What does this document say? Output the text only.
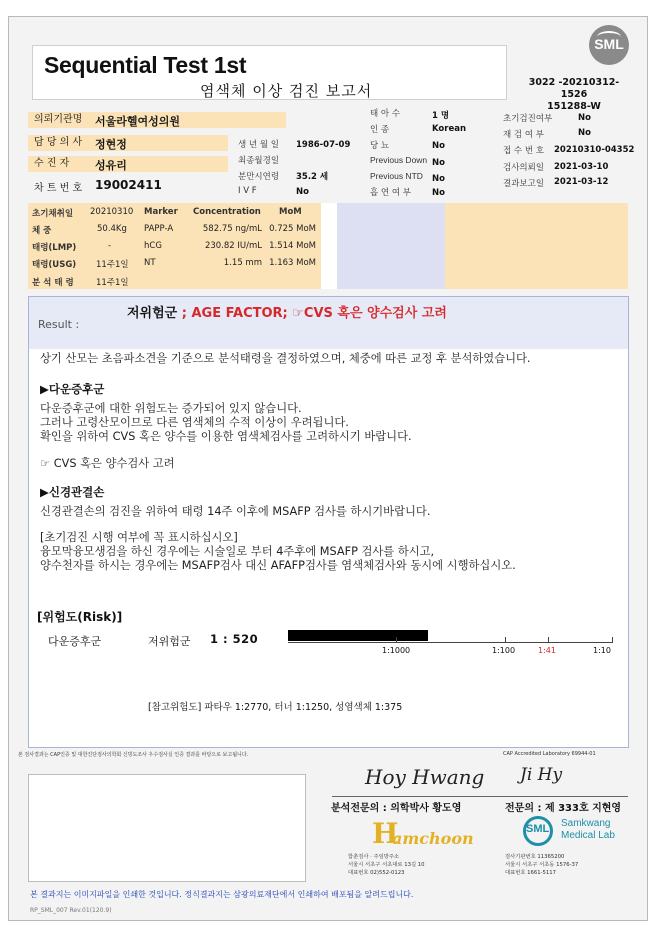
Sequential Test 1st
염색체 이상 검진 보고서	3022 -20210312-1526
151288-W
SML
의뢰기관명	서울라헬여성의원
담 당 의 사	정현정
수 진 자	성유리
차 트 번 호 19002411
생 년 월 일 1986-07-09
최종월경일
분만시연령 35.2 세
I V F	No
태 아 수	1 명
인 종	Korean
당 뇨	No
Previous Down No
Previous NTD No
흡 연 여 부 No
초기검진여부	No
재 검 여 부	No
접 수 번 호 20210310-04352
검사의뢰일 2021-03-10
결과보고일 2021-03-12
초기채취일 20210310
체 중	50.4Kg
태령(LMP)	-
태령(USG) 11주1일
분 석 태 령	11주1일
Marker Concentration MoM
PAPP-A	582.75 ng/mL 0.725 MoM
hCG	230.82 IU/mL 1.514 MoM
NT	1.15 mm 1.163 MoM
Result :
저위험군 ; AGE FACTOR; ☞CVS 혹은 양수검사 고려
상기 산모는 초음파소견을 기준으로 분석태령을 결정하였으며, 체중에 따른 교정 후 분석하였습니다.
▶다운증후군
다운증후군에 대한 위험도는 증가되어 있지 않습니다.
그러나 고령산모이므로 다른 염색체의 수적 이상이 우려됩니다.
확인을 위하여 CVS 혹은 양수를 이용한 염색체검사를 고려하시기 바랍니다.
☞ CVS 혹은 양수검사 고려
▶신경관결손
신경관결손의 검진을 위하여 태령 14주 이후에 MSAFP 검사를 하시기바랍니다.
[초기검진 시행 여부에 꼭 표시하십시오]
융모막융모생검을 하신 경우에는 시술일로 부터 4주후에 MSAFP 검사를 하시고,
양수천자를 하시는 경우에는 MSAFP검사 대신 AFAFP검사를 염색체검사와 동시에 시행하십시오.
[위험도(Risk)]
다운증후군	저위험군 1 : 520
1:1000	1:100	1:41	1:10
[참고위험도] 파타우 1:2770, 터너 1:1250, 성염색체 1:375
본 검사결과는 CAP인증 및 대한진단검사의학회 신빙도조사 우수검사실 인증 결과를 바탕으로 보고됩니다.	CAP Accredited Laboratory 69944-01
Hoy Hwang
분석전문의 : 의학박사 황도영
Ji Hy
전문의 : 제 333호 지현영
H
amchoon
함춘검사 · 주임방주소
서울시 서초구 서초대로 13길 10
대표번호 02)552-0123
SML Samkwang
Medical Lab
검사기관번호 11365200
서울시 서초구 서초동 1576-37
대표번호 1661-5117
본 결과지는 이미지파일을 인쇄한 것입니다. 정식결과지는 삼광의료재단에서 인쇄하여 배포됨을 알려드립니다.
RP_SML_007 Rev.01(120.9)
